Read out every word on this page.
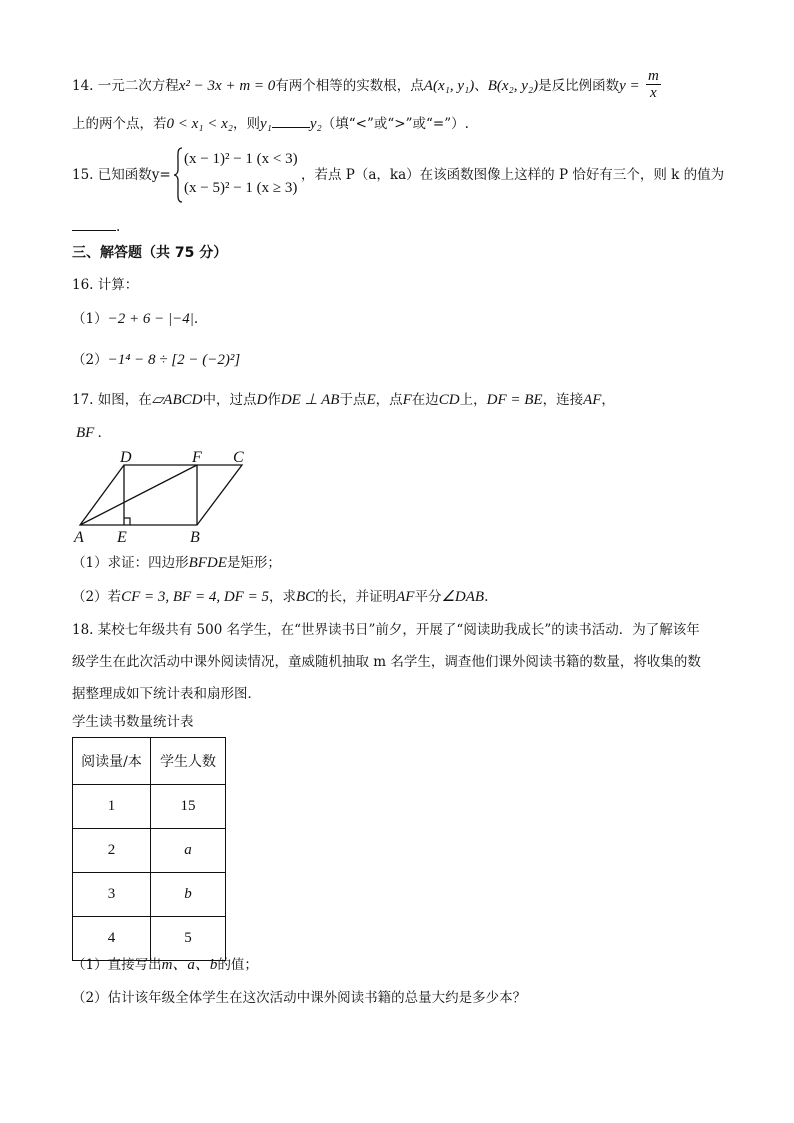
14. 一元二次方程x² − 3x + m = 0有两个相等的实数根，点A(x₁, y₁)、B(x₂, y₂)是反比例函数$y = \frac{m}{x}$
上的两个点，若0 < x₁ < x₂，则y₁	y₂（填“<”或“>”或“=”）.
15. 已知函数y=
(x − 1)² − 1 (x < 3)
(x − 5)² − 1 (x ≥ 3)
，若点 P（a，ka）在该函数图像上这样的 P 恰好有三个，则 k 的值为
.
三、解答题（共 75 分）
16. 计算：
（1）−2 + 6 − |−4|.
（2）−1⁴ − 8 ÷ [2 − (−2)²]
17. 如图，在▱ABCD中，过点D作DE ⊥ AB于点E，点F在边CD上，DF = BE，连接AF，
BF .
D	F C
A E	B
（1）求证：四边形BFDE是矩形；
（2）若CF = 3, BF = 4, DF = 5，求BC的长，并证明AF平分∠DAB.
18. 某校七年级共有 500 名学生，在“世界读书日”前夕，开展了“阅读助我成长”的读书活动．为了解该年
级学生在此次活动中课外阅读情况，童威随机抽取 m 名学生，调查他们课外阅读书籍的数量，将收集的数
据整理成如下统计表和扇形图．
学生读书数量统计表
阅读量/本	学生人数
1	15
2	a
3	b
4	5
（1）直接写出m、a、b的值；
（2）估计该年级全体学生在这次活动中课外阅读书籍的总量大约是多少本？
